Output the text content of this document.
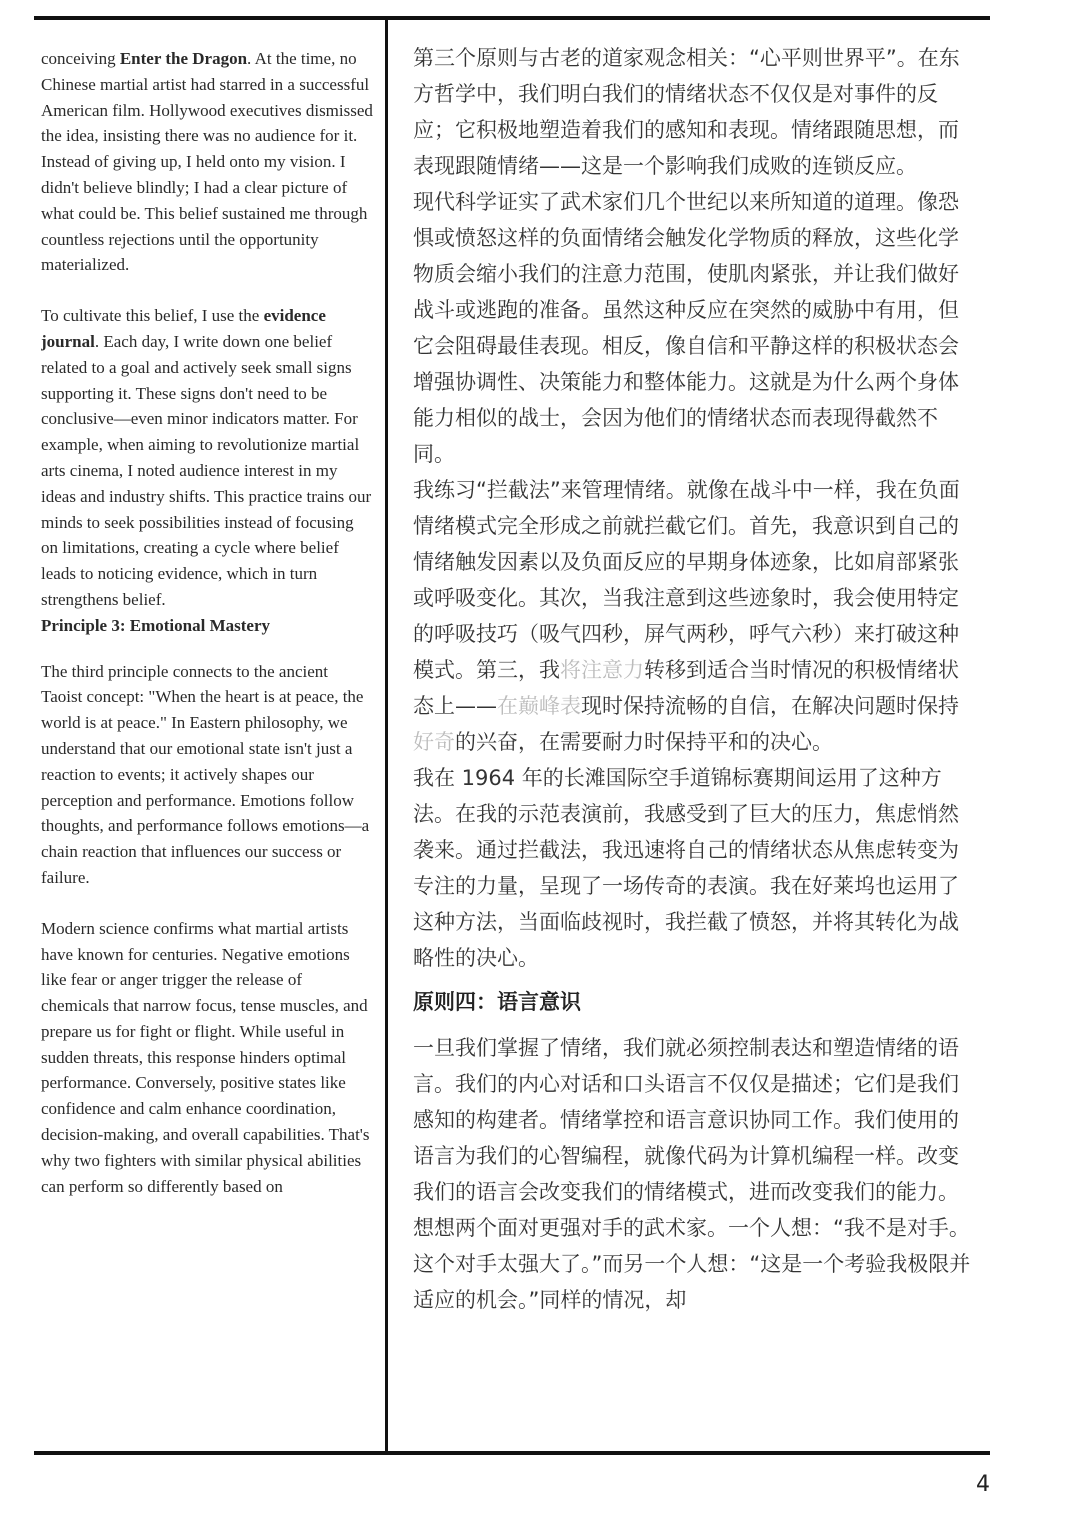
conceiving Enter the Dragon. At the time, no Chinese martial artist had starred in a successful American film. Hollywood executives dismissed the idea, insisting there was no audience for it. Instead of giving up, I held onto my vision. I didn't believe blindly; I had a clear picture of what could be. This belief sustained me through countless rejections until the opportunity materialized.

To cultivate this belief, I use the evidence journal. Each day, I write down one belief related to a goal and actively seek small signs supporting it. These signs don't need to be conclusive—even minor indicators matter. For example, when aiming to revolutionize martial arts cinema, I noted audience interest in my ideas and industry shifts. This practice trains our minds to seek possibilities instead of focusing on limitations, creating a cycle where belief leads to noticing evidence, which in turn strengthens belief.

Principle 3: Emotional Mastery

The third principle connects to the ancient Taoist concept: "When the heart is at peace, the world is at peace." In Eastern philosophy, we understand that our emotional state isn't just a reaction to events; it actively shapes our perception and performance. Emotions follow thoughts, and performance follows emotions—a chain reaction that influences our success or failure.

Modern science confirms what martial artists have known for centuries. Negative emotions like fear or anger trigger the release of chemicals that narrow focus, tense muscles, and prepare us for fight or flight. While useful in sudden threats, this response hinders optimal performance. Conversely, positive states like confidence and calm enhance coordination, decision-making, and overall capabilities. That's why two fighters with similar physical abilities can perform so differently based on

第三个原则与古老的道家观念相关：“心平则世界平”。在东方哲学中，我们明白我们的情绪状态不仅仅是对事件的反应；它积极地塑造着我们的感知和表现。情绪跟随思想，而表现跟随情绪——这是一个影响我们成败的连锁反应。

现代科学证实了武术家们几个世纪以来所知道的道理。像恐惧或愤怒这样的负面情绪会触发化学物质的释放，这些化学物质会缩小我们的注意力范围，使肌肉紧张，并让我们做好战斗或逃跑的准备。虽然这种反应在突然的威胁中有用，但它会阻碍最佳表现。相反，像自信和平静这样的积极状态会增强协调性、决策能力和整体能力。这就是为什么两个身体能力相似的战士，会因为他们的情绪状态而表现得截然不同。

我练习“拦截法”来管理情绪。就像在战斗中一样，我在负面情绪模式完全形成之前就拦截它们。首先，我意识到自己的情绪触发因素以及负面反应的早期身体迹象，比如肩部紧张或呼吸变化。其次，当我注意到这些迹象时，我会使用特定的呼吸技巧（吸气四秒，屏气两秒，呼气六秒）来打破这种模式。第三，我将注意力转移到适合当时情况的积极情绪状态上——在巅峰表现时保持流畅的自信，在解决问题时保持好奇的兴奋，在需要耐力时保持平和的决心。

我在 1964 年的长滩国际空手道锦标赛期间运用了这种方法。在我的示范表演前，我感受到了巨大的压力，焦虑悄然袭来。通过拦截法，我迅速将自己的情绪状态从焦虑转变为专注的力量，呈现了一场传奇的表演。我在好莱坞也运用了这种方法，当面临歧视时，我拦截了愤怒，并将其转化为战略性的决心。

原则四：语言意识

一旦我们掌握了情绪，我们就必须控制表达和塑造情绪的语言。我们的内心对话和口头语言不仅仅是描述；它们是我们感知的构建者。情绪掌控和语言意识协同工作。我们使用的语言为我们的心智编程，就像代码为计算机编程一样。改变我们的语言会改变我们的情绪模式，进而改变我们的能力。

想想两个面对更强对手的武术家。一个人想：“我不是对手。这个对手太强大了。”而另一个人想：“这是一个考验我极限并适应的机会。”同样的情况，却

4
